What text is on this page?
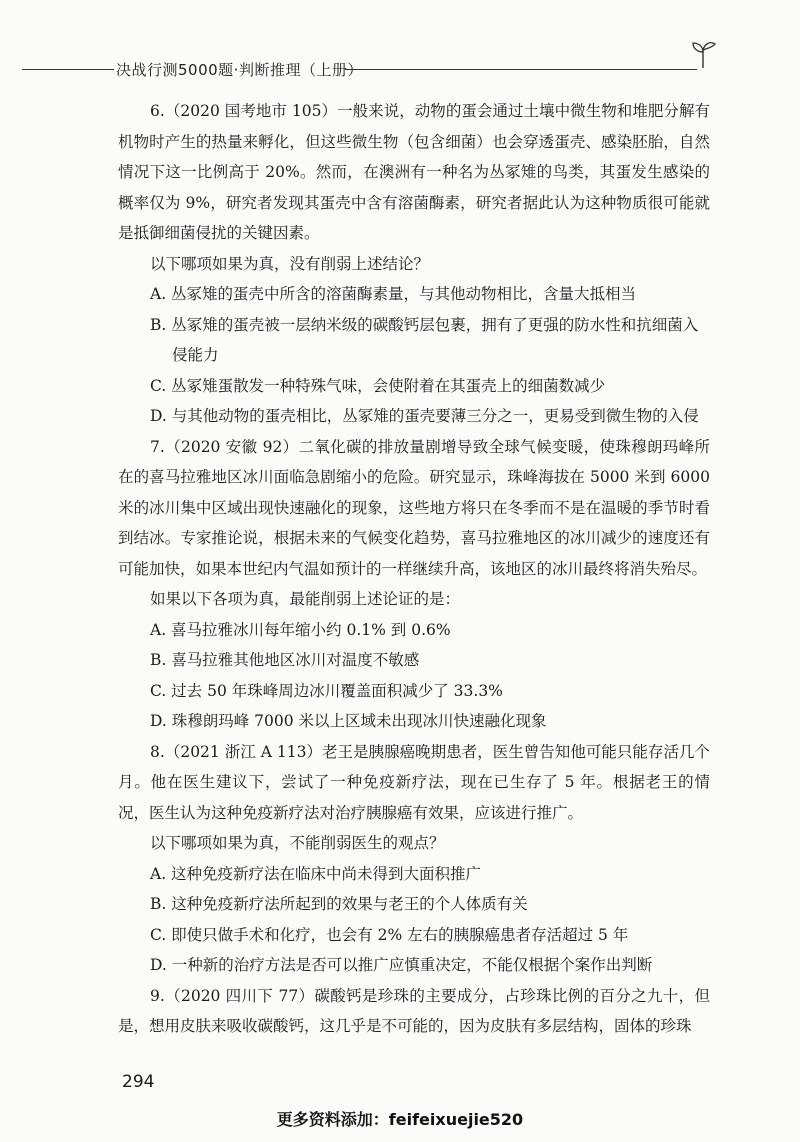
决战行测5000题·判断推理（上册）

6.（2020 国考地市 105）一般来说，动物的蛋会通过土壤中微生物和堆肥分解有机物时产生的热量来孵化，但这些微生物（包含细菌）也会穿透蛋壳、感染胚胎，自然情况下这一比例高于 20%。然而，在澳洲有一种名为丛冢雉的鸟类，其蛋发生感染的概率仅为 9%，研究者发现其蛋壳中含有溶菌酶素，研究者据此认为这种物质很可能就是抵御细菌侵扰的关键因素。

以下哪项如果为真，没有削弱上述结论？

A. 丛冢雉的蛋壳中所含的溶菌酶素量，与其他动物相比，含量大抵相当

B. 丛冢雉的蛋壳被一层纳米级的碳酸钙层包裹，拥有了更强的防水性和抗细菌入
侵能力

C. 丛冢雉蛋散发一种特殊气味，会使附着在其蛋壳上的细菌数减少

D. 与其他动物的蛋壳相比，丛冢雉的蛋壳要薄三分之一，更易受到微生物的入侵

7.（2020 安徽 92）二氧化碳的排放量剧增导致全球气候变暖，使珠穆朗玛峰所在的喜马拉雅地区冰川面临急剧缩小的危险。研究显示，珠峰海拔在 5000 米到 6000 米的冰川集中区域出现快速融化的现象，这些地方将只在冬季而不是在温暖的季节时看到结冰。专家推论说，根据未来的气候变化趋势，喜马拉雅地区的冰川减少的速度还有可能加快，如果本世纪内气温如预计的一样继续升高，该地区的冰川最终将消失殆尽。

如果以下各项为真，最能削弱上述论证的是：

A. 喜马拉雅冰川每年缩小约 0.1% 到 0.6%

B. 喜马拉雅其他地区冰川对温度不敏感

C. 过去 50 年珠峰周边冰川覆盖面积减少了 33.3%

D. 珠穆朗玛峰 7000 米以上区域未出现冰川快速融化现象

8.（2021 浙江 A 113）老王是胰腺癌晚期患者，医生曾告知他可能只能存活几个月。他在医生建议下，尝试了一种免疫新疗法，现在已生存了 5 年。根据老王的情况，医生认为这种免疫新疗法对治疗胰腺癌有效果，应该进行推广。

以下哪项如果为真，不能削弱医生的观点？

A. 这种免疫新疗法在临床中尚未得到大面积推广

B. 这种免疫新疗法所起到的效果与老王的个人体质有关

C. 即使只做手术和化疗，也会有 2% 左右的胰腺癌患者存活超过 5 年

D. 一种新的治疗方法是否可以推广应慎重决定，不能仅根据个案作出判断

9.（2020 四川下 77）碳酸钙是珍珠的主要成分，占珍珠比例的百分之九十，但是，想用皮肤来吸收碳酸钙，这几乎是不可能的，因为皮肤有多层结构，固体的珍珠

294
更多资料添加：feifeixuejie520
